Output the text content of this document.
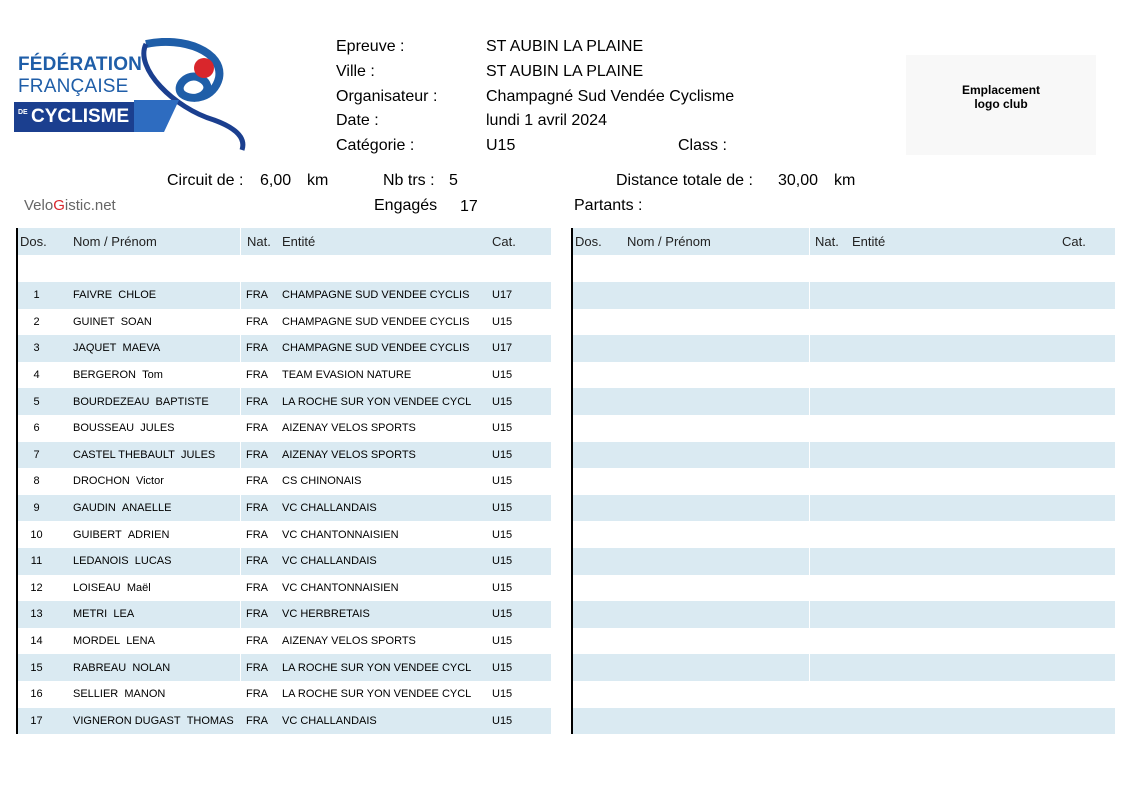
FÉDÉRATION
FRANÇAISE
DE CYCLISME
Epreuve :	ST AUBIN LA PLAINE
Ville :	ST AUBIN LA PLAINE
Organisateur :	Champagné Sud Vendée Cyclisme
Date :	lundi 1 avril 2024
Catégorie :	U15	Class :
Emplacement
logo club
Circuit de : 6,00 km	Nb trs : 5	Distance totale de : 30,00 km
VeloGistic.net	Engagés 17	Partants :
Dos.	Nom / Prénom	Nat.	Entité	Cat.

1	FAIVRE CHLOE	FRA	CHAMPAGNE SUD VENDEE CYCLIS	U17
2	GUINET SOAN	FRA	CHAMPAGNE SUD VENDEE CYCLIS	U15
3	JAQUET MAEVA	FRA	CHAMPAGNE SUD VENDEE CYCLIS	U17
4	BERGERON Tom	FRA	TEAM EVASION NATURE	U15
5	BOURDEZEAU BAPTISTE	FRA	LA ROCHE SUR YON VENDEE CYCL	U15
6	BOUSSEAU JULES	FRA	AIZENAY VELOS SPORTS	U15
7	CASTEL THEBAULT JULES	FRA	AIZENAY VELOS SPORTS	U15
8	DROCHON Victor	FRA	CS CHINONAIS	U15
9	GAUDIN ANAELLE	FRA	VC CHALLANDAIS	U15
10	GUIBERT ADRIEN	FRA	VC CHANTONNAISIEN	U15
11	LEDANOIS LUCAS	FRA	VC CHALLANDAIS	U15
12	LOISEAU Maël	FRA	VC CHANTONNAISIEN	U15
13	METRI LEA	FRA	VC HERBRETAIS	U15
14	MORDEL LENA	FRA	AIZENAY VELOS SPORTS	U15
15	RABREAU NOLAN	FRA	LA ROCHE SUR YON VENDEE CYCL	U15
16	SELLIER MANON	FRA	LA ROCHE SUR YON VENDEE CYCL	U15
17	VIGNERON DUGAST THOMAS	FRA	VC CHALLANDAIS	U15
Dos.	Nom / Prénom	Nat.	Entité	Cat.
